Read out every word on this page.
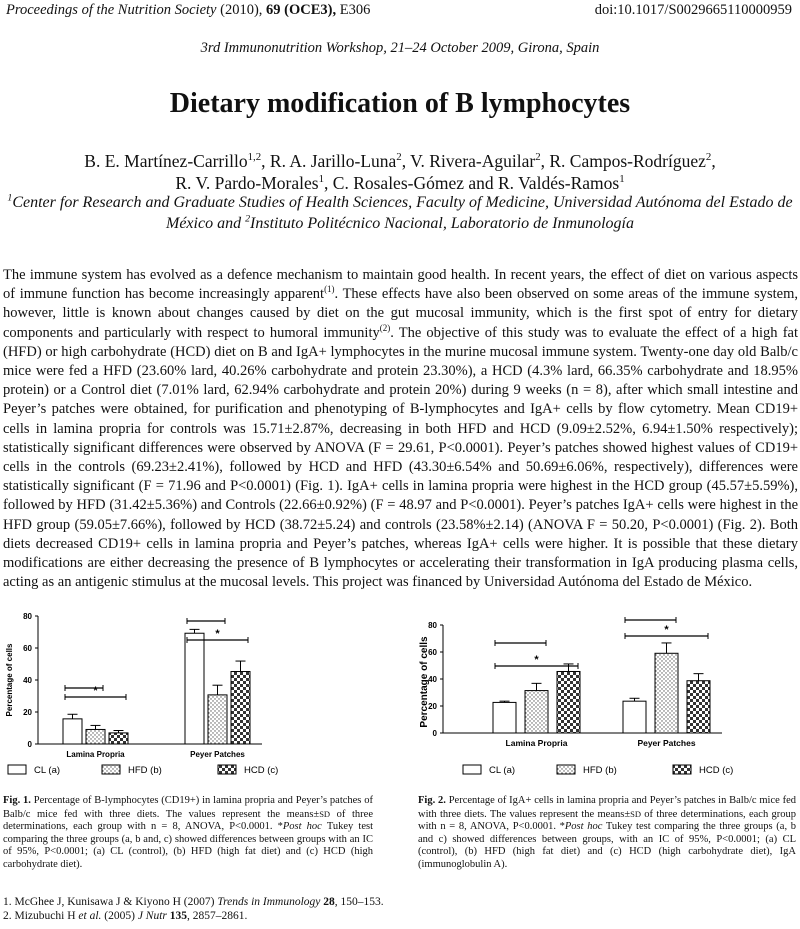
Proceedings of the Nutrition Society (2010), 69 (OCE3), E306	doi:10.1017/S0029665110000959
3rd Immunonutrition Workshop, 21–24 October 2009, Girona, Spain
Dietary modification of B lymphocytes
B. E. Martínez-Carrillo$^{1,2}$, R. A. Jarillo-Luna$^2$, V. Rivera-Aguilar$^2$, R. Campos-Rodríguez$^2$,
R. V. Pardo-Morales$^1$, C. Rosales-Gómez and R. Valdés-Ramos$^1$
$^1$Center for Research and Graduate Studies of Health Sciences, Faculty of Medicine, Universidad Autónoma del Estado de México and $^2$Instituto Politécnico Nacional, Laboratorio de Inmunología
The immune system has evolved as a defence mechanism to maintain good health. In recent years, the effect of diet on various aspects of immune function has become increasingly apparent$^{(1)}$. These effects have also been observed on some areas of the immune system, however, little is known about changes caused by diet on the gut mucosal immunity, which is the first spot of entry for dietary components and particularly with respect to humoral immunity$^{(2)}$. The objective of this study was to evaluate the effect of a high fat (HFD) or high carbohydrate (HCD) diet on B and IgA+ lymphocytes in the murine mucosal immune system. Twenty-one day old Balb/c mice were fed a HFD (23.60% lard, 40.26% carbohydrate and protein 23.30%), a HCD (4.3% lard, 66.35% carbohydrate and 18.95% protein) or a Control diet (7.01% lard, 62.94% carbohydrate and protein 20%) during 9 weeks (n = 8), after which small intestine and Peyer’s patches were obtained, for purification and phenotyping of B-lymphocytes and IgA+ cells by flow cytometry. Mean CD19+ cells in lamina propria for controls was 15.71±2.87%, decreasing in both HFD and HCD (9.09±2.52%, 6.94±1.50% respectively); statistically significant differences were observed by ANOVA (F = 29.61, P<0.0001). Peyer’s patches showed highest values of CD19+ cells in the controls (69.23±2.41%), followed by HCD and HFD (43.30±6.54% and 50.69±6.06%, respectively), differences were statistically significant (F = 71.96 and P<0.0001) (Fig. 1). IgA+ cells in lamina propria were highest in the HCD group (45.57±5.59%), followed by HFD (31.42±5.36%) and Controls (22.66±0.92%) (F = 48.97 and P<0.0001). Peyer’s patches IgA+ cells were highest in the HFD group (59.05±7.66%), followed by HCD (38.72±5.24) and controls (23.58%±2.14) (ANOVA F = 50.20, P<0.0001) (Fig. 2). Both diets decreased CD19+ cells in lamina propria and Peyer’s patches, whereas IgA+ cells were higher. It is possible that these dietary modifications are either decreasing the presence of B lymphocytes or accelerating their transformation in IgA producing plasma cells, acting as an antigenic stimulus at the mucosal levels. This project was financed by Universidad Autónoma del Estado de México.
0
20
40
60
80
Percentage of cells
Lamina Propria
*
Peyer Patches
*
CL (a)	HFD (b)	HCD (c)
0
20
40
60
80
Percentage of cells
Lamina Propria
*
Peyer Patches
*
CL (a)	HFD (b)	HCD (c)
Fig. 1. Percentage of B-lymphocytes (CD19+) in lamina propria and Peyer’s patches of Balb/c mice fed with three diets. The values represent the means±SD of three determinations, each group with n = 8, ANOVA, P<0.0001. *Post hoc Tukey test comparing the three groups (a, b and, c) showed differences between groups with an IC of 95%, P<0.0001; (a) CL (control), (b) HFD (high fat diet) and (c) HCD (high carbohydrate diet).
Fig. 2. Percentage of IgA+ cells in lamina propria and Peyer’s patches in Balb/c mice fed with three diets. The values represent the means±SD of three determinations, each group with n = 8, ANOVA, P<0.0001. *Post hoc Tukey test comparing the three groups (a, b and c) showed differences between groups, with an IC of 95%, P<0.0001; (a) CL (control), (b) HFD (high fat diet) and (c) HCD (high carbohydrate diet), IgA (immunoglobulin A).
1. McGhee J, Kunisawa J & Kiyono H (2007) Trends in Immunology 28, 150–153.
2. Mizubuchi H et al. (2005) J Nutr 135, 2857–2861.
